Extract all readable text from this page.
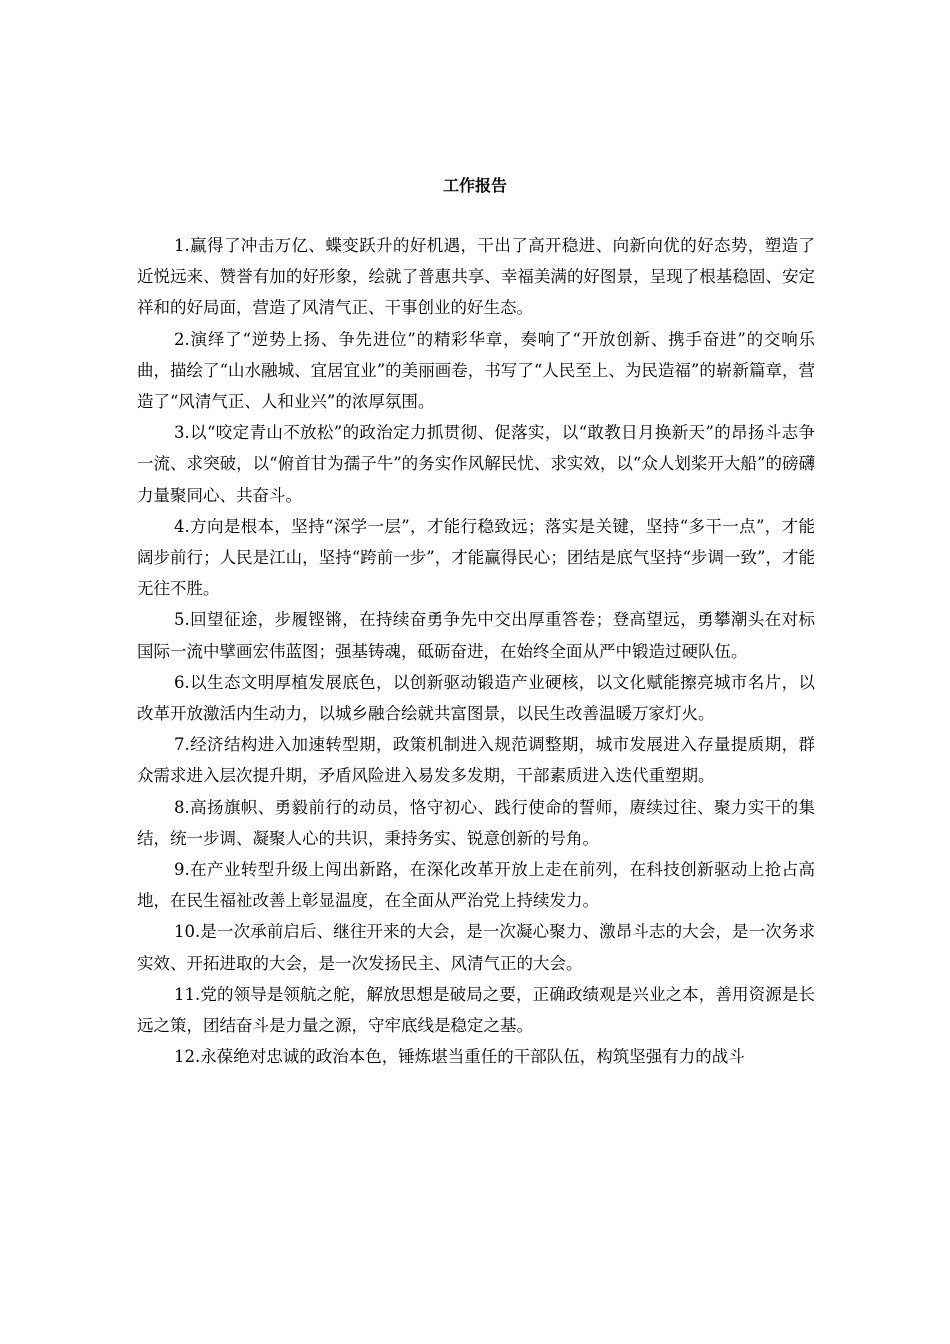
工作报告

1.赢得了冲击万亿、蝶变跃升的好机遇，干出了高开稳进、向新向优的好态势，塑造了近悦远来、赞誉有加的好形象，绘就了普惠共享、幸福美满的好图景，呈现了根基稳固、安定祥和的好局面，营造了风清气正、干事创业的好生态。

2.演绎了“逆势上扬、争先进位”的精彩华章，奏响了“开放创新、携手奋进”的交响乐曲，描绘了“山水融城、宜居宜业”的美丽画卷，书写了“人民至上、为民造福”的崭新篇章，营造了“风清气正、人和业兴”的浓厚氛围。

3.以“咬定青山不放松”的政治定力抓贯彻、促落实，以“敢教日月换新天”的昂扬斗志争一流、求突破，以“俯首甘为孺子牛”的务实作风解民忧、求实效，以“众人划桨开大船”的磅礴力量聚同心、共奋斗。

4.方向是根本，坚持“深学一层”，才能行稳致远；落实是关键，坚持“多干一点”，才能阔步前行；人民是江山，坚持“跨前一步”，才能赢得民心；团结是底气坚持“步调一致”，才能无往不胜。

5.回望征途，步履铿锵，在持续奋勇争先中交出厚重答卷；登高望远，勇攀潮头在对标国际一流中擘画宏伟蓝图；强基铸魂，砥砺奋进，在始终全面从严中锻造过硬队伍。

6.以生态文明厚植发展底色，以创新驱动锻造产业硬核，以文化赋能擦亮城市名片，以改革开放激活内生动力，以城乡融合绘就共富图景，以民生改善温暖万家灯火。

7.经济结构进入加速转型期，政策机制进入规范调整期，城市发展进入存量提质期，群众需求进入层次提升期，矛盾风险进入易发多发期，干部素质进入迭代重塑期。

8.高扬旗帜、勇毅前行的动员，恪守初心、践行使命的誓师，赓续过往、聚力实干的集结，统一步调、凝聚人心的共识，秉持务实、锐意创新的号角。

9.在产业转型升级上闯出新路，在深化改革开放上走在前列，在科技创新驱动上抢占高地，在民生福祉改善上彰显温度，在全面从严治党上持续发力。

10.是一次承前启后、继往开来的大会，是一次凝心聚力、激昂斗志的大会，是一次务求实效、开拓进取的大会，是一次发扬民主、风清气正的大会。

11.党的领导是领航之舵，解放思想是破局之要，正确政绩观是兴业之本，善用资源是长远之策，团结奋斗是力量之源，守牢底线是稳定之基。

12.永葆绝对忠诚的政治本色，锤炼堪当重任的干部队伍，构筑坚强有力的战斗
